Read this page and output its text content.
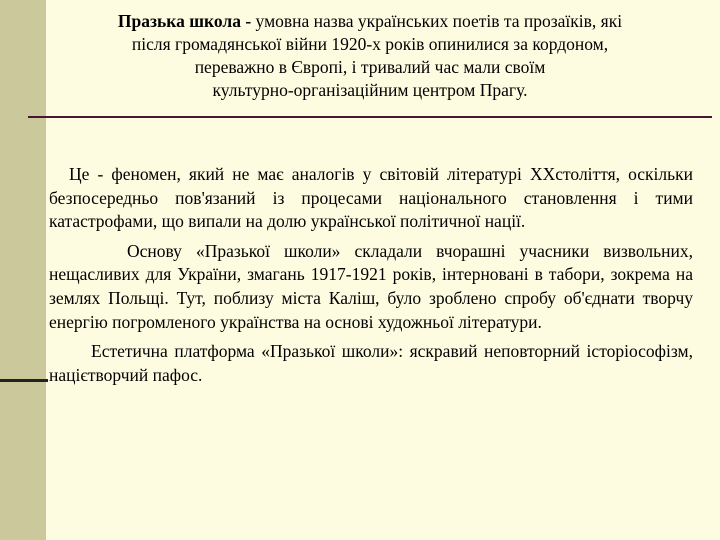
Празька школа - умовна назва українських поетів та прозаїків, які
після громадянської війни 1920-х років опинилися за кордоном,
переважно в Європі, і тривалий час мали своїм
культурно-організаційним центром Прагу.

Це - феномен, який не має аналогів у світовій літературі ХХстоліття, оскільки безпосередньо пов'язаний із процесами національного становлення і тими катастрофами, що випали на долю української політичної нації.

Основу «Празької школи» складали вчорашні учасники визвольних, нещасливих для України, змагань 1917-1921 років, інтерновані в табори, зокрема на землях Польщі. Тут, поблизу міста Каліш, було зроблено спробу об'єднати творчу енергію погромленого українства на основі художньої літератури.

Естетична платформа «Празької школи»: яскравий неповторний історіософізм, націєтворчий пафос.
